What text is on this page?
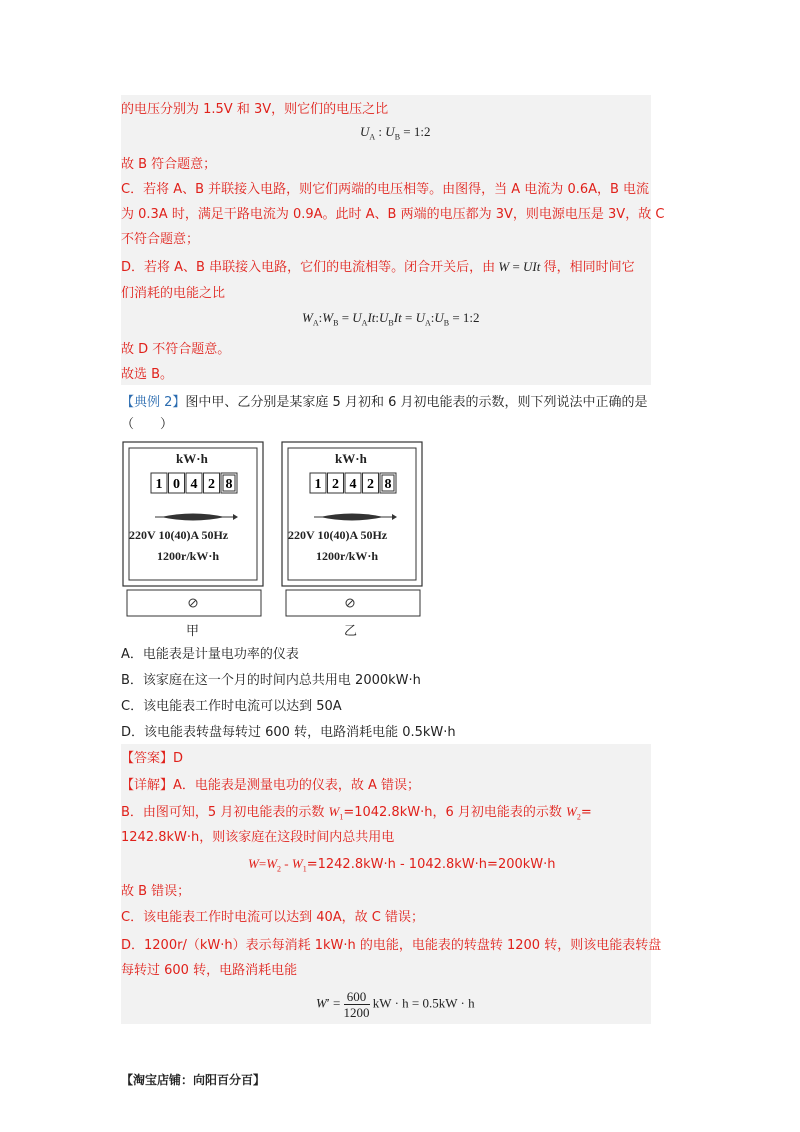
的电压分别为 1.5V 和 3V，则它们的电压之比
$U_A$ : $U_B$ = 1:2
故 B 符合题意；
C．若将 A、B 并联接入电路，则它们两端的电压相等。由图得，当 A 电流为 0.6A，B 电流
为 0.3A 时，满足干路电流为 0.9A。此时 A、B 两端的电压都为 3V，则电源电压是 3V，故 C
不符合题意；
D．若将 A、B 串联接入电路，它们的电流相等。闭合开关后，由 W = UIt 得，相同时间它
们消耗的电能之比
$W_A:W_B$ = $U_AIt:U_BIt$ = $U_A:U_B$ = 1:2
故 D 不符合题意。
故选 B。
【典例 2】图中甲、乙分别是某家庭 5 月初和 6 月初电能表的示数，则下列说法中正确的是
（　　）
1 0 4 2 8
kW·h
220V 10(40)A 50Hz
1200r/kW·h
甲
1 2 4 2 8
kW·h
220V 10(40)A 50Hz
1200r/kW·h
乙
A．电能表是计量电功率的仪表
B．该家庭在这一个月的时间内总共用电 2000kW·h
C．该电能表工作时电流可以达到 50A
D．该电能表转盘每转过 600 转，电路消耗电能 0.5kW·h
【答案】D
【详解】A．电能表是测量电功的仪表，故 A 错误；
B．由图可知，5 月初电能表的示数 $W_1=1042.8kW\cdot h$，6 月初电能表的示数 $W_2=$
1242.8kW·h，则该家庭在这段时间内总共用电
$W=W_2 - W_1=1242.8kW\cdot h - 1042.8kW\cdot h=200kW\cdot h$
故 B 错误；
C．该电能表工作时电流可以达到 40A，故 C 错误；
D．1200r/（kW·h）表示每消耗 1kW·h 的电能，电能表的转盘转 1200 转，则该电能表转盘
每转过 600 转，电路消耗电能
$W' = \frac{600}{1200}$ kW · h = 0.5kW · h
【淘宝店铺：向阳百分百】
